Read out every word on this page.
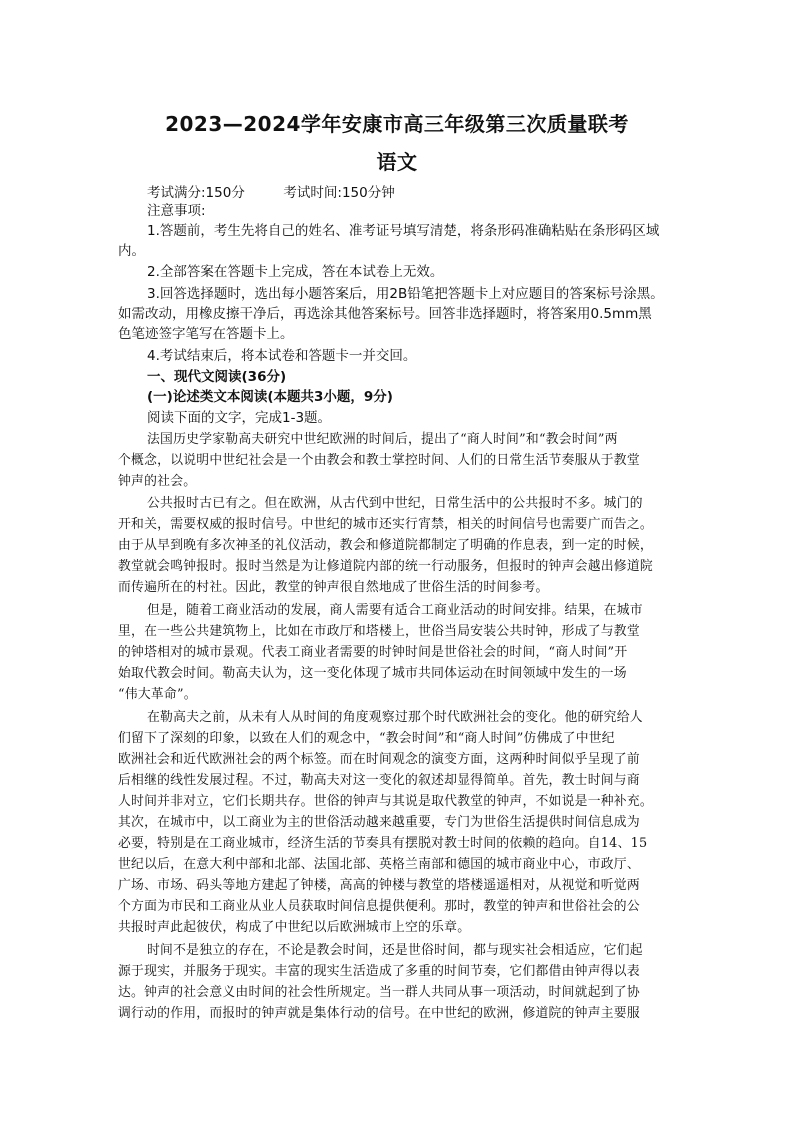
2023—2024学年安康市高三年级第三次质量联考
语文
考试满分:150分	考试时间:150分钟
注意事项:
1.答题前，考生先将自己的姓名、准考证号填写清楚，将条形码准确粘贴在条形码区域
内。
2.全部答案在答题卡上完成，答在本试卷上无效。
3.回答选择题时，选出每小题答案后，用2B铅笔把答题卡上对应题目的答案标号涂黑。
如需改动，用橡皮擦干净后，再选涂其他答案标号。回答非选择题时，将答案用0.5mm黑
色笔迹签字笔写在答题卡上。
4.考试结束后，将本试卷和答题卡一并交回。
一、现代文阅读(36分)
(一)论述类文本阅读(本题共3小题，9分)
阅读下面的文字，完成1-3题。
法国历史学家勒高夫研究中世纪欧洲的时间后，提出了“商人时间”和“教会时间”两
个概念，以说明中世纪社会是一个由教会和教士掌控时间、人们的日常生活节奏服从于教堂
钟声的社会。
公共报时古已有之。但在欧洲，从古代到中世纪，日常生活中的公共报时不多。城门的
开和关，需要权威的报时信号。中世纪的城市还实行宵禁，相关的时间信号也需要广而告之。
由于从早到晚有多次神圣的礼仪活动，教会和修道院都制定了明确的作息表，到一定的时候，
教堂就会鸣钟报时。报时当然是为让修道院内部的统一行动服务，但报时的钟声会越出修道院
而传遍所在的村社。因此，教堂的钟声很自然地成了世俗生活的时间参考。
但是，随着工商业活动的发展，商人需要有适合工商业活动的时间安排。结果，在城市
里，在一些公共建筑物上，比如在市政厅和塔楼上，世俗当局安装公共时钟，形成了与教堂
的钟塔相对的城市景观。代表工商业者需要的时钟时间是世俗社会的时间，“商人时间”开
始取代教会时间。勒高夫认为，这一变化体现了城市共同体运动在时间领域中发生的一场
“伟大革命”。
在勒高夫之前，从未有人从时间的角度观察过那个时代欧洲社会的变化。他的研究给人
们留下了深刻的印象，以致在人们的观念中，“教会时间”和“商人时间”仿佛成了中世纪
欧洲社会和近代欧洲社会的两个标签。而在时间观念的演变方面，这两种时间似乎呈现了前
后相继的线性发展过程。不过，勒高夫对这一变化的叙述却显得简单。首先，教士时间与商
人时间并非对立，它们长期共存。世俗的钟声与其说是取代教堂的钟声，不如说是一种补充。
其次，在城市中，以工商业为主的世俗活动越来越重要，专门为世俗生活提供时间信息成为
必要，特别是在工商业城市，经济生活的节奏具有摆脱对教士时间的依赖的趋向。自14、15
世纪以后，在意大利中部和北部、法国北部、英格兰南部和德国的城市商业中心，市政厅、
广场、市场、码头等地方建起了钟楼，高高的钟楼与教堂的塔楼遥遥相对，从视觉和听觉两
个方面为市民和工商业从业人员获取时间信息提供便利。那时，教堂的钟声和世俗社会的公
共报时声此起彼伏，构成了中世纪以后欧洲城市上空的乐章。
时间不是独立的存在，不论是教会时间，还是世俗时间，都与现实社会相适应，它们起
源于现实，并服务于现实。丰富的现实生活造成了多重的时间节奏，它们都借由钟声得以表
达。钟声的社会意义由时间的社会性所规定。当一群人共同从事一项活动，时间就起到了协
调行动的作用，而报时的钟声就是集体行动的信号。在中世纪的欧洲，修道院的钟声主要服
